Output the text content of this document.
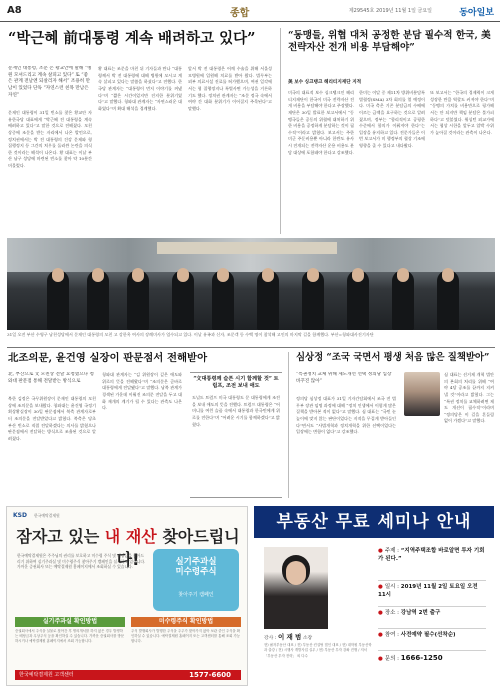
A8	종합	제29545호 2019년 11월 1일 금요일	동아일보
“박근혜 前대통령 계속 배려하고 있다”
문재인 대통령, 조문 온 황교안에 말해 “병원 모셔드리고 계속 살피고 있다” 또 “좋은 관계 전날엔 되살리자 해서” 조용히 만남이 있었다 단독 “자연스런 친목 만남은 자연”
문재인 대통령이 31일 빈소를 찾은 황교안 자유한국당 대표에게 “박근혜 전 대통령을 계속 배려하고 있다”고 말한 것으로 전해졌다. 모친 상중에 조문을 받는 자리에서 나온 발언으로, 정치권에서는 박 전 대통령의 건강 문제와 형 집행정지 등 그간의 처우를 둘러싼 논란을 의식한 것이라는 해석이 나온다. 황 대표는 이날 부산 남구 성당에 마련된 빈소를 찾아 약 10분간 머물렀다.
황 대표는 조문을 마친 뒤 기자들과 만나 “대통령께서 박 전 대통령에 대해 병원에 모시고 계속 살피고 있다는 말씀을 하셨다”고 전했다. 한국당 관계자는 “대통령이 먼저 이야기를 꺼냈다”며 “짧은 시간이었지만 진지한 분위기였다”고 말했다. 청와대 관계자는 “자연스러운 대화였다”며 확대 해석을 경계했다.
앞서 박 전 대통령은 어깨 수술을 위해 서울성모병원에 입원해 치료를 받아 왔다. 법무부는 외부 의료시설 진료를 허가했으며, 여권 일각에서는 형 집행정지나 특별사면 가능성을 거론하기도 했다. 정치권 관계자는 “조문 정국 속에서 여야 간 대화 분위기가 이어질지 주목된다”고 말했다.
“동맹들, 위협 대처 공정한 분담 필수적 한국, 美전략자산 전개 비용 부담해야”
美 보수 싱크탱크 헤리티지재단 지적
미국의 대표적 보수 싱크탱크인 헤리티지재단이 한국이 미국 전략자산 전개 비용을 부담해야 한다고 주장했다. 재단은 30일 발표한 보고서에서 “동맹국들은 공동의 위협에 대처하기 위한 비용을 공정하게 분담하는 것이 필수적”이라고 밝혔다. 보고서는 주한미군 주둔비용뿐 아니라 한반도 유사시 전개되는 전략자산 운용 비용도 분담 대상에 포함돼야 한다고 강조했다.
한미는 이달 중 제11차 방위비분담특별협정(SMA) 3차 회의를 열 예정이다. 미국 측은 기존 분담금의 수배에 이르는 금액을 요구하는 것으로 알려졌으며, 정부는 “합리적이고 공평한 수준에서 합의가 이뤄져야 한다”는 입장을 유지하고 있다. 전문가들은 이번 보고서가 미 행정부의 협상 기조에 영향을 줄 수 있다고 내다봤다.
또 보고서는 “한국의 경제력이 크게 성장한 만큼 역할도 커져야 한다”며 “동맹의 가치를 비용만으로 평가해서는 안 되지만 책임 분담은 불가피하다”고 덧붙였다. 워싱턴 외교가에서는 협상 시한을 앞두고 압박 수위가 높아질 것이라는 관측이 나온다.
31일 오전 부산 수영구 남천성당에서 문재인 대통령의 모친 고 강한옥 여사의 장례미사가 엄수되고 있다. 이날 유족과 신자, 조문객 등 수백 명이 참석해 고인의 마지막 길을 함께했다. 부산=청와대사진기자단
北조의문, 윤건영 실장이 판문점서 전해받아
北, 부산으로 文 모친상 전달 요청했으나 청와대 판문점 통해 전달받는 방식으로
북한 김정은 국무위원장이 문재인 대통령의 모친상에 조의문을 보내왔다. 청와대는 윤건영 국정기획상황실장이 30일 판문점에서 북측 관계자로부터 조의문을 전달받았다고 밝혔다. 북측은 당초 부산 빈소로 직접 전달하겠다는 의사를 밝혔으나 판문점에서 전달하는 방식으로 조율된 것으로 알려졌다.
청와대 관계자는 “김 위원장이 깊은 애도와 위로의 뜻을 전해왔다”며 “조의문은 곧바로 대통령에게 전달됐다”고 말했다. 남북 관계가 경색된 가운데 이뤄진 조의문 전달을 두고 대화 재개의 계기가 될 수 있다는 관측도 나온다.
“文대통령께 슬픈 시기 함께할 것” 트럼프, 조전 보내 애도
도널드 트럼프 미국 대통령도 문 대통령에게 조전을 보내 애도의 뜻을 전했다. 트럼프 대통령은 “어머니를 여읜 슬픔 속에서 대통령과 한국민에게 위로를 전한다”며 “어려운 시기를 함께하겠다”고 밝혔다.
심상정 “조국 국면서 평생 처음 많은 질책받아”
“특권정치 교체 위해 제도개선 선택 정의당 입장 바꾸진 않아”
정의당 심상정 대표가 31일 기자간담회에서 조국 전 법무부 장관 임명 과정에 대해 “정치 인생에서 이렇게 많은 질책을 받아본 적이 없다”고 말했다. 심 대표는 “국민 눈높이에 맞지 않는 판단이었다는 지적을 무겁게 받아들인다”면서도 “사법개혁과 정치개혁을 위한 선택이었다는 입장에는 변함이 없다”고 강조했다.
심 대표는 선거제 개혁 법안의 본회의 처리를 위해 “여야 4당 공조를 끝까지 지켜낼 것”이라고 밝혔다. 그는 “특권 정치를 교체하려면 제도 개선이 필수적”이라며 “정의당은 이 길을 흔들림 없이 가겠다”고 말했다.
KSD 한국예탁결제원
잠자고 있는 내 재산 찾아드립니다!
한국예탁결제원은 주주님의 권리를 보호하고 미수령 주식 및 배당금을 찾아드리기 위하여 실기주과실 및 미수령주식 찾아주기 캠페인을 실시하고 있습니다. 가까운 증권회사 또는 예탁결제원 홈페이지에서 조회하실 수 있습니다.	실기주과실
미수령주식
찾아주기 캠페인
실기주과실 확인방법	미수령주식 확인방법
증권회사에서 주식을 실물로 찾아간 후 명의개서를 하지 않은 경우 발생하는 배당금과 무상주식 등을 확인하실 수 있습니다. 가까운 증권회사를 방문하시거나 예탁결제원 홈페이지에서 조회 가능합니다.
주식 발행회사가 발행한 주식을 주주가 찾아가지 않아 보관 중인 주식을 확인하실 수 있습니다. 예탁결제원 홈페이지 또는 고객센터를 통해 조회 가능합니다.
한국예탁결제원 고객센터	1577-6600
부동산 무료 세미나 안내
강사 : 이 재 범 소장
현) 필자부동산 대표 / 전) 부동산 컨설팅 법인 대표 / 현) 대학원 부동산학과 출강 / 전) 시행사 개발사업 실무 / 현) 부동산 투자 강좌 진행 / 저서 「부동산 투자 전략」 외 다수
● 주제 : “지역주택조합 바로알면 투자 기회가 된다.”
● 일시 : 2019년 11월 2일 토요일 오전 11시
● 장소 : 강남역 2번 출구
● 참여 : 사전예약 필수(선착순)
● 문의 : 1666-1250
